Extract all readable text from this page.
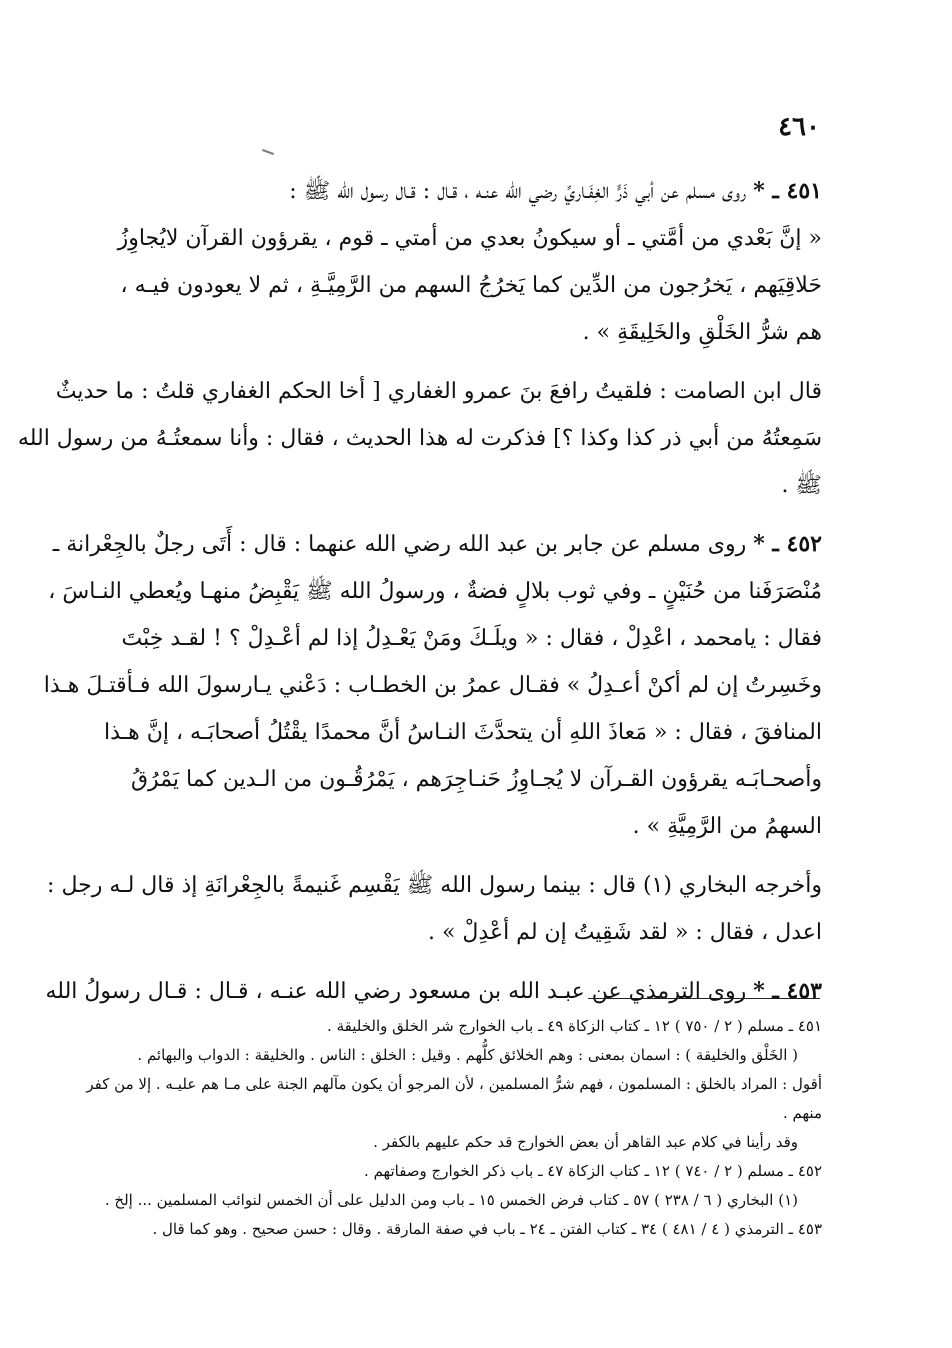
٤٦٠
٤٥١ ـ * روى مسلم عن أبي ذَرٍّ الغِفَـاريِّ رضي الله عنـه ، قـال : قـال رسول الله ﷺ :
« إنَّ بَعْدي من أمَّتي ـ أو سيكونُ بعدي من أمتي ـ قوم ، يقرؤون القرآن لايُجاوِزُ
حَلاقِيَهم ، يَخرُجون من الدِّين كما يَخرُجُ السهم من الرَّمِيَّـةِ ، ثم لا يعودون فيـه ،
هم شرُّ الخَلْقِ والخَلِيقَةِ » .
قال ابن الصامت : فلقيتُ رافعَ بنَ عمرو الغفاري [ أخا الحكم الغفاري قلتُ : ما حديثٌ
سَمِعتُهُ من أبي ذر كذا وكذا ؟] فذكرت له هذا الحديث ، فقال : وأنا سمعتُـهُ من رسول الله
ﷺ .
٤٥٢ ـ * روى مسلم عن جابر بن عبد الله رضي الله عنهما : قال : أَتَى رجلٌ بالجِعْرانة ـ
مُنْصَرَفَنا من حُنَيْنٍ ـ وفي ثوب بلالٍ فضةٌ ، ورسولُ الله ﷺ يَقْبِضُ منهـا ويُعطي النـاسَ ،
فقال : يامحمد ، اعْدِلْ ، فقال : « ويلَـكَ ومَنْ يَعْـدِلُ إذا لم أعْـدِلْ ؟ ! لقـد خِبْتَ
وخَسِرتُ إن لم أكنْ أعـدِلُ » فقـال عمرُ بن الخطـاب : دَعْني يـارسولَ الله فـأقتـلَ هـذا
المنافقَ ، فقال : « مَعاذَ اللهِ أن يتحدَّثَ النـاسُ أنَّ محمدًا يقْتُلُ أصحابَـه ، إنَّ هـذا
وأصحـابَـه يقرؤون القـرآن لا يُجـاوِزُ حَنـاجِرَهم ، يَمْرُقُـون من الـدين كما يَمْرُقُ
السهمُ من الرَّمِيَّةِ » .
وأخرجه البخاري (١) قال : بينما رسول الله ﷺ يَقْسِم غَنيمةً بالجِعْرانَةِ إذ قال لـه رجل :
اعدل ، فقال : « لقد شَقِيتُ إن لم أعْدِلْ » .
٤٥٣ ـ * روى الترمذي عن عبـد الله بن مسعود رضي الله عنـه ، قـال : قـال رسولُ الله
٤٥١ ـ مسلم ( ٢ / ٧٥٠ ) ١٢ ـ كتاب الزكاة ٤٩ ـ باب الخوارج شر الخلق والخليقة .
( الخَلْق والخليقة ) : اسمان بمعنى : وهم الخلائق كلُّهم . وقيل : الخلق : الناس . والخليقة : الدواب والبهائم .
أقول : المراد بالخلق : المسلمون ، فهم شرُّ المسلمين ، لأن المرجو أن يكون مآلهم الجنة على مـا هم عليـه . إلا من كفر
منهم .
وقد رأينا في كلام عبد القاهر أن بعض الخوارج قد حكم عليهم بالكفر .
٤٥٢ ـ مسلم ( ٢ / ٧٤٠ ) ١٢ ـ كتاب الزكاة ٤٧ ـ باب ذكر الخوارج وصفاتهم .
(١) البخاري ( ٦ / ٢٣٨ ) ٥٧ ـ كتاب فرض الخمس ١٥ ـ باب ومن الدليل على أن الخمس لنوائب المسلمين ... إلخ .
٤٥٣ ـ الترمذي ( ٤ / ٤٨١ ) ٣٤ ـ كتاب الفتن ـ ٢٤ ـ باب في صفة المارقة . وقال : حسن صحيح . وهو كما قال .
